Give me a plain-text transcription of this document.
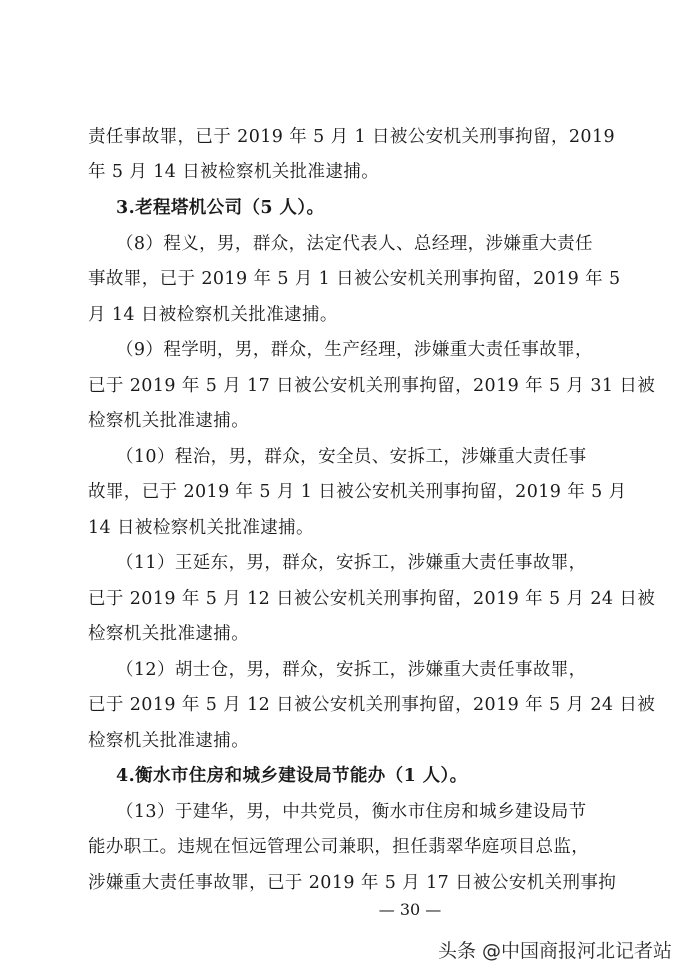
责任事故罪，已于 2019 年 5 月 1 日被公安机关刑事拘留，2019
年 5 月 14 日被检察机关批准逮捕。
3.老程塔机公司（5 人）。
（8）程义，男，群众，法定代表人、总经理，涉嫌重大责任
事故罪，已于 2019 年 5 月 1 日被公安机关刑事拘留，2019 年 5
月 14 日被检察机关批准逮捕。
（9）程学明，男，群众，生产经理，涉嫌重大责任事故罪，
已于 2019 年 5 月 17 日被公安机关刑事拘留，2019 年 5 月 31 日被
检察机关批准逮捕。
（10）程治，男，群众，安全员、安拆工，涉嫌重大责任事
故罪，已于 2019 年 5 月 1 日被公安机关刑事拘留，2019 年 5 月
14 日被检察机关批准逮捕。
（11）王延东，男，群众，安拆工，涉嫌重大责任事故罪，
已于 2019 年 5 月 12 日被公安机关刑事拘留，2019 年 5 月 24 日被
检察机关批准逮捕。
（12）胡士仓，男，群众，安拆工，涉嫌重大责任事故罪，
已于 2019 年 5 月 12 日被公安机关刑事拘留，2019 年 5 月 24 日被
检察机关批准逮捕。
4.衡水市住房和城乡建设局节能办（1 人）。
（13）于建华，男，中共党员，衡水市住房和城乡建设局节
能办职工。违规在恒远管理公司兼职，担任翡翠华庭项目总监，
涉嫌重大责任事故罪，已于 2019 年 5 月 17 日被公安机关刑事拘
— 30 —
头条 @中国商报河北记者站
